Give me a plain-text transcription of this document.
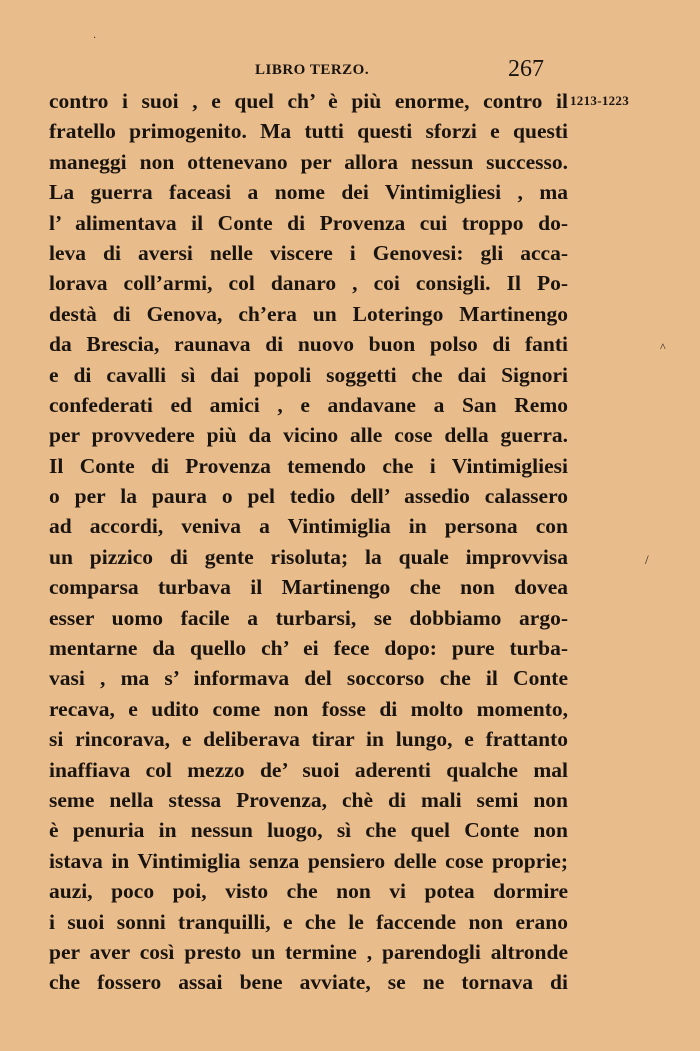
·
LIBRO TERZO.	267
1213-1223
contro i suoi , e quel ch’ è più enorme, contro il
fratello primogenito. Ma tutti questi sforzi e questi
maneggi non ottenevano per allora nessun successo.
La guerra faceasi a nome dei Vintimigliesi , ma
l’ alimentava il Conte di Provenza cui troppo do-
leva di aversi nelle viscere i Genovesi: gli acca-
lorava coll’armi, col danaro , coi consigli. Il Po-
destà di Genova, ch’era un Loteringo Martinengo
da Brescia, raunava di nuovo buon polso di fanti
e di cavalli sì dai popoli soggetti che dai Signori
confederati ed amici , e andavane a San Remo
per provvedere più da vicino alle cose della guerra.
Il Conte di Provenza temendo che i Vintimigliesi
o per la paura o pel tedio dell’ assedio calassero
ad accordi, veniva a Vintimiglia in persona con
un pizzico di gente risoluta; la quale improvvisa
comparsa turbava il Martinengo che non dovea
esser uomo facile a turbarsi, se dobbiamo argo-
mentarne da quello ch’ ei fece dopo: pure turba-
vasi , ma s’ informava del soccorso che il Conte
recava, e udito come non fosse di molto momento,
si rincorava, e deliberava tirar in lungo, e frattanto
inaffiava col mezzo de’ suoi aderenti qualche mal
seme nella stessa Provenza, chè di mali semi non
è penuria in nessun luogo, sì che quel Conte non
istava in Vintimiglia senza pensiero delle cose proprie;
auzi, poco poi, visto che non vi potea dormire
i suoi sonni tranquilli, e che le faccende non erano
per aver così presto un termine , parendogli altronde
che fossero assai bene avviate, se ne tornava di
^
/
